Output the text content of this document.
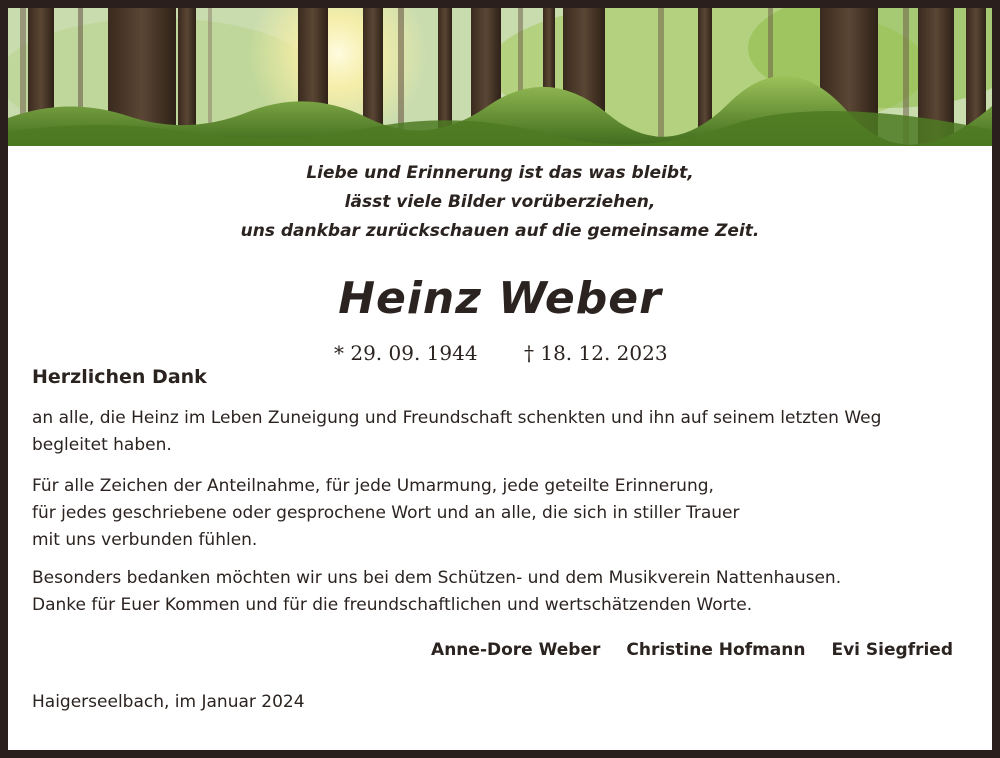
Liebe und Erinnerung ist das was bleibt,
lässt viele Bilder vorüberziehen,
uns dankbar zurückschauen auf die gemeinsame Zeit.
Heinz Weber
* 29. 09. 1944 † 18. 12. 2023
Herzlichen Dank
an alle, die Heinz im Leben Zuneigung und Freundschaft schenkten und ihn auf seinem letzten Weg
begleitet haben.
Für alle Zeichen der Anteilnahme, für jede Umarmung, jede geteilte Erinnerung,
für jedes geschriebene oder gesprochene Wort und an alle, die sich in stiller Trauer
mit uns verbunden fühlen.
Besonders bedanken möchten wir uns bei dem Schützen- und dem Musikverein Nattenhausen.
Danke für Euer Kommen und für die freundschaftlichen und wertschätzenden Worte.
Anne-Dore Weber Christine Hofmann Evi Siegfried
Haigerseelbach, im Januar 2024
